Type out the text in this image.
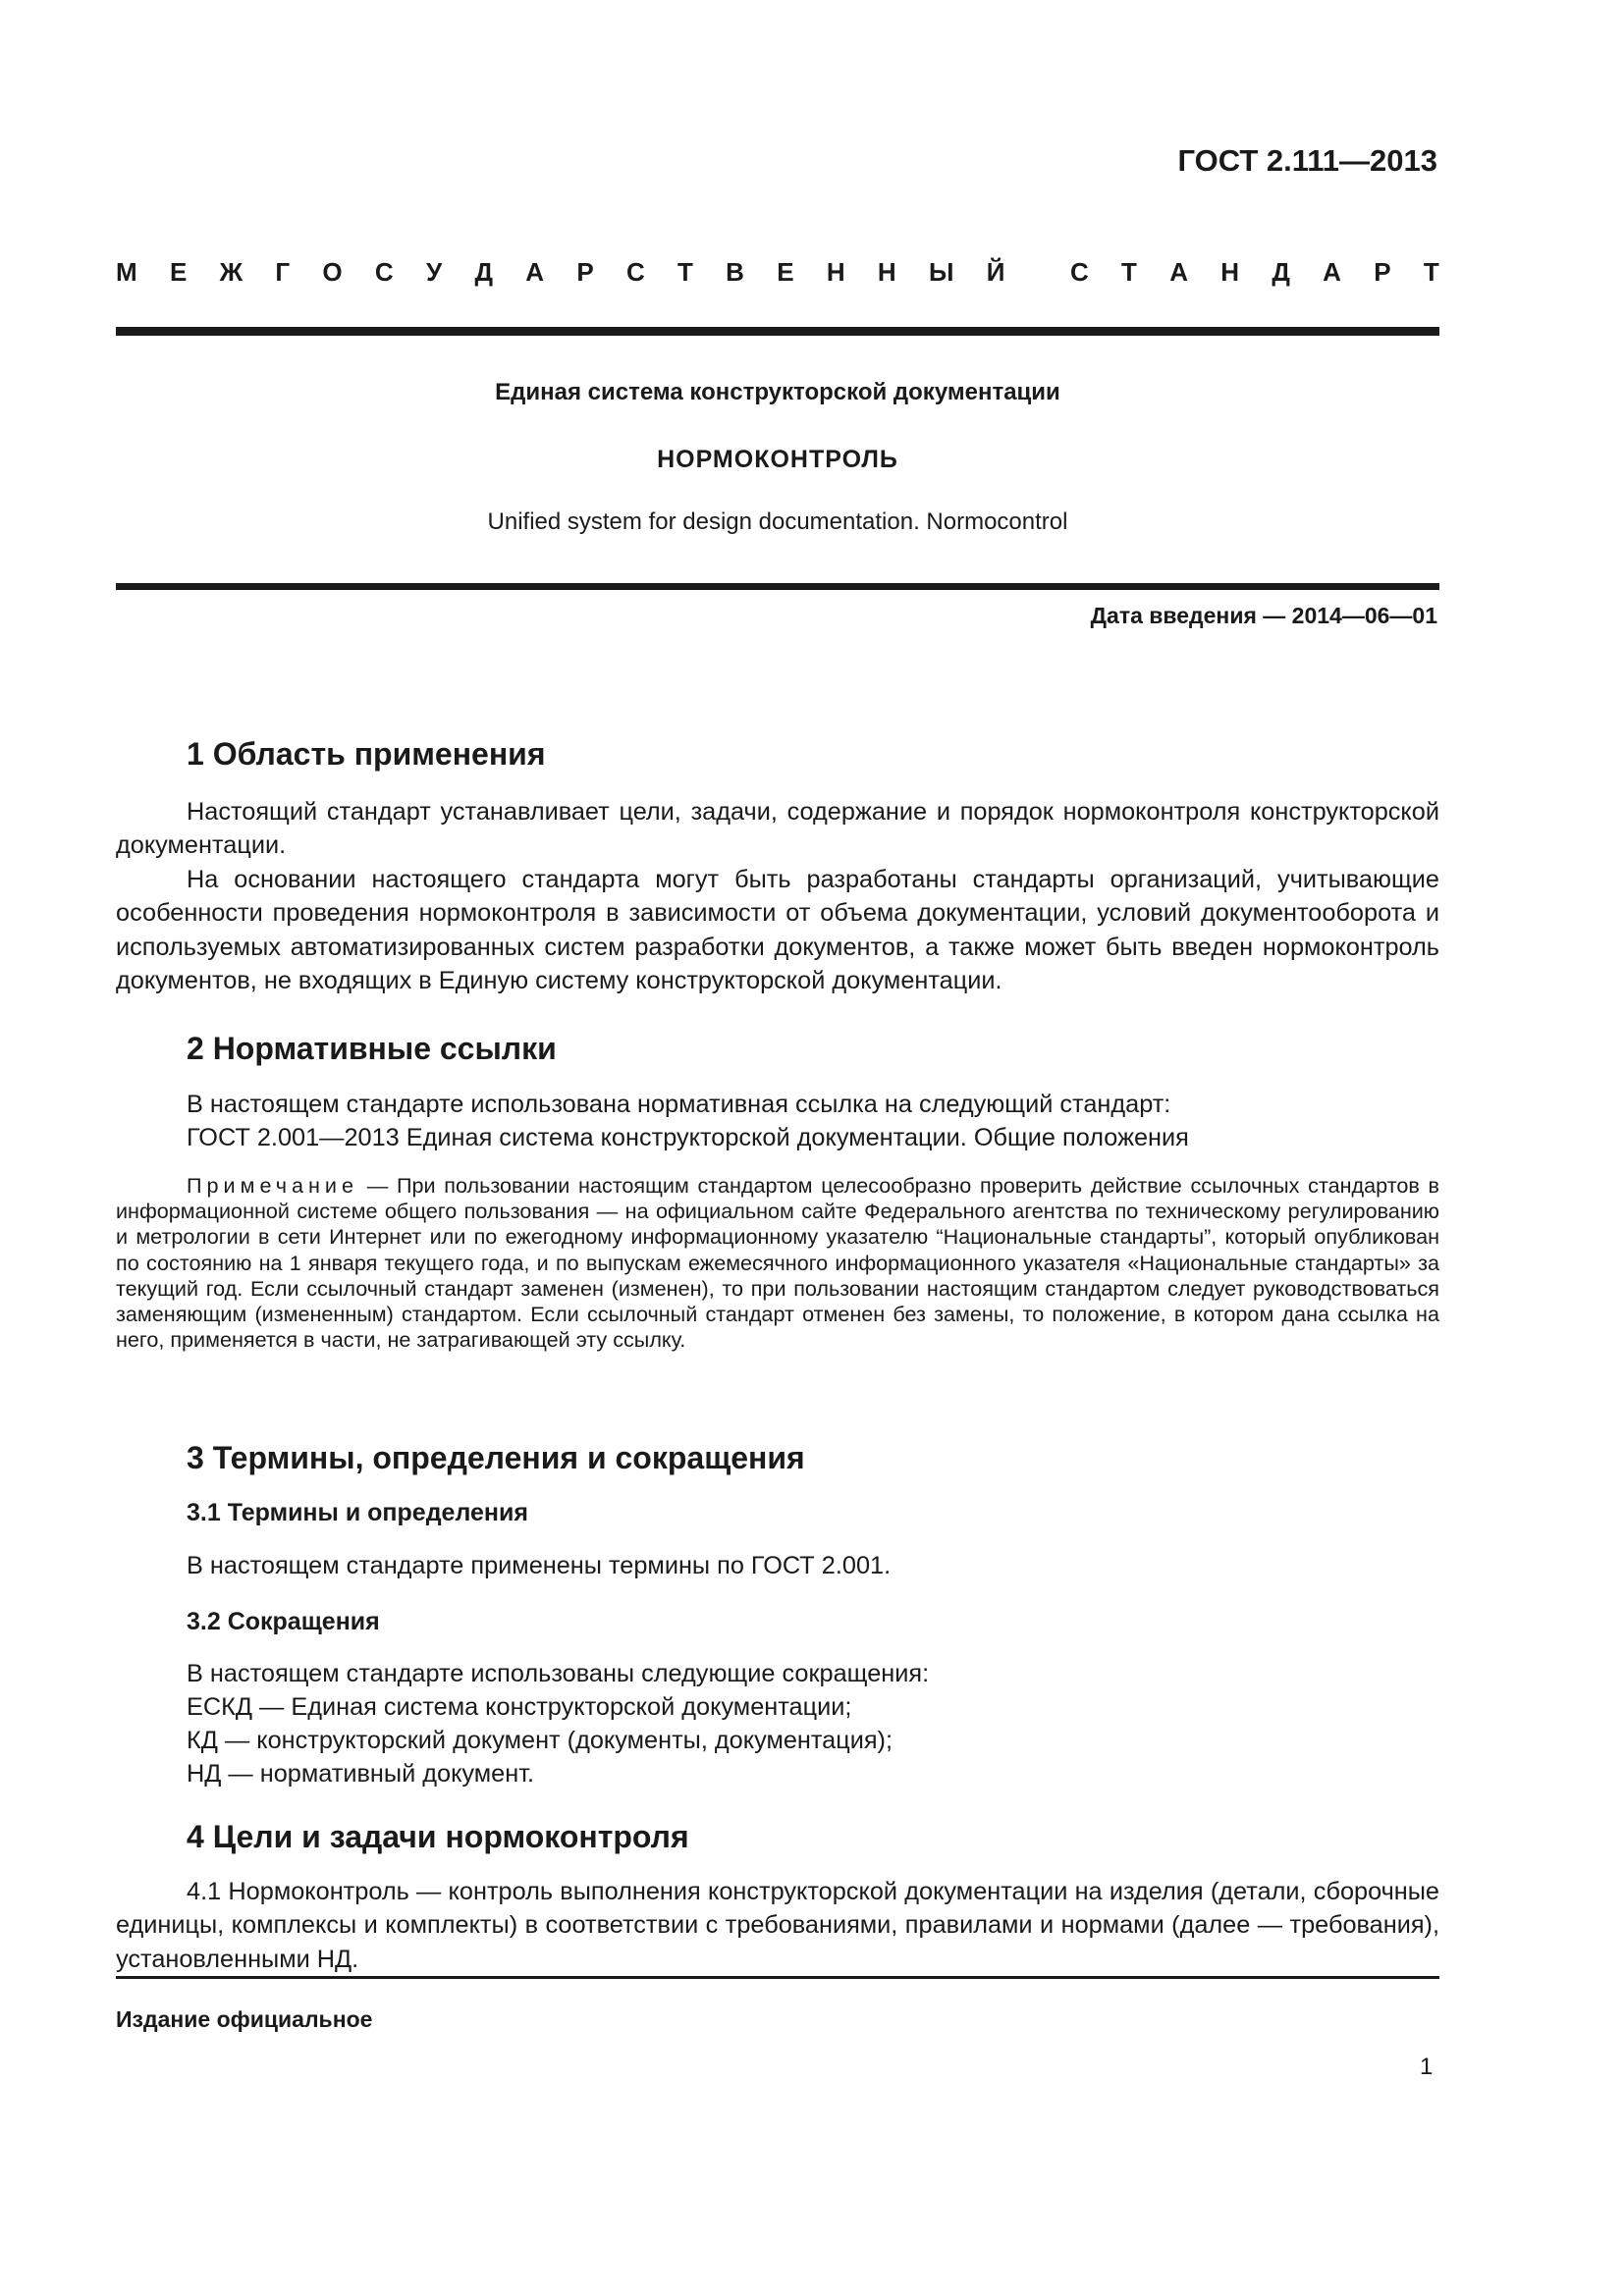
ГОСТ 2.111—2013
М Е Ж Г О С У Д А Р С Т В Е Н Н Ы Й	С Т А Н Д А Р Т
Единая система конструкторской документации
НОРМОКОНТРОЛЬ
Unified system for design documentation. Normocontrol
Дата введения — 2014—06—01
1 Область применения
Настоящий стандарт устанавливает цели, задачи, содержание и порядок нормоконтроля конструкторской документации.
На основании настоящего стандарта могут быть разработаны стандарты организаций, учитывающие особенности проведения нормоконтроля в зависимости от объема документации, условий документооборота и используемых автоматизированных систем разработки документов, а также может быть введен нормоконтроль документов, не входящих в Единую систему конструкторской документации.
2 Нормативные ссылки
В настоящем стандарте использована нормативная ссылка на следующий стандарт:
ГОСТ 2.001—2013 Единая система конструкторской документации. Общие положения
Примечание — При пользовании настоящим стандартом целесообразно проверить действие ссылочных стандартов в информационной системе общего пользования — на официальном сайте Федерального агентства по техническому регулированию и метрологии в сети Интернет или по ежегодному информационному указателю “Национальные стандарты”, который опубликован по состоянию на 1 января текущего года, и по выпускам ежемесячного информационного указателя «Национальные стандарты» за текущий год. Если ссылочный стандарт заменен (изменен), то при пользовании настоящим стандартом следует руководствоваться заменяющим (измененным) стандартом. Если ссылочный стандарт отменен без замены, то положение, в котором дана ссылка на него, применяется в части, не затрагивающей эту ссылку.
3 Термины, определения и сокращения
3.1 Термины и определения
В настоящем стандарте применены термины по ГОСТ 2.001.
3.2 Сокращения
В настоящем стандарте использованы следующие сокращения:
ЕСКД — Единая система конструкторской документации;
КД — конструкторский документ (документы, документация);
НД — нормативный документ.
4 Цели и задачи нормоконтроля
4.1 Нормоконтроль — контроль выполнения конструкторской документации на изделия (детали, сборочные единицы, комплексы и комплекты) в соответствии с требованиями, правилами и нормами (далее — требования), установленными НД.
Издание официальное
1
